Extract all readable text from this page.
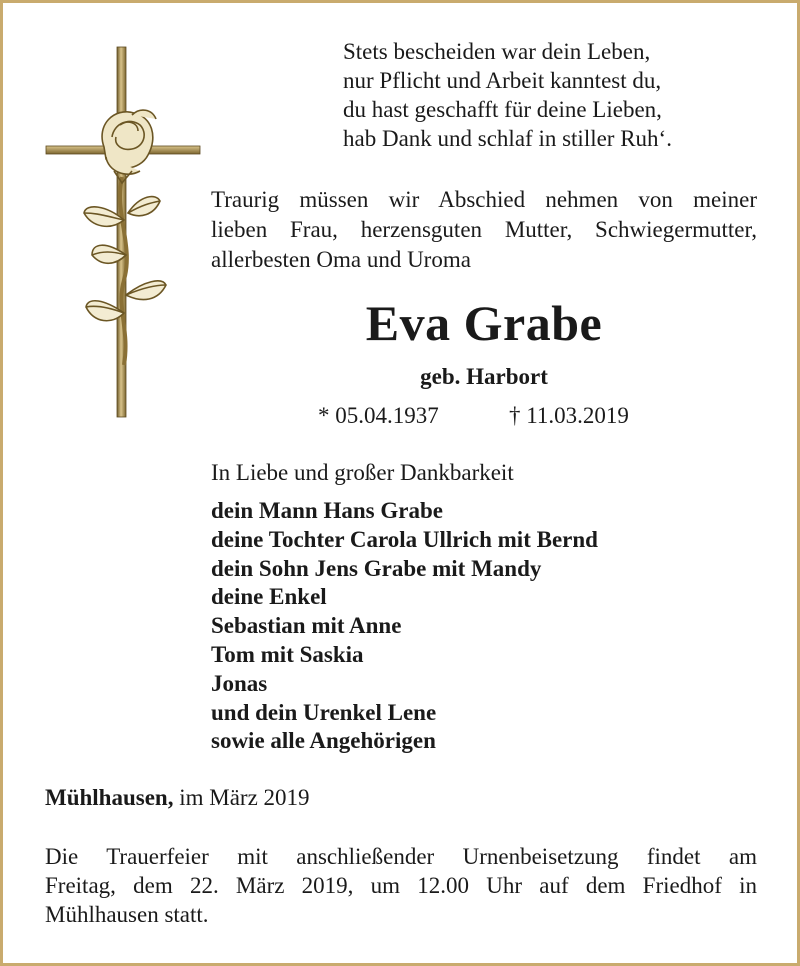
Stets bescheiden war dein Leben,
nur Pflicht und Arbeit kanntest du,
du hast geschafft für deine Lieben,
hab Dank und schlaf in stiller Ruh‘.
Traurig müssen wir Abschied nehmen von meiner
lieben Frau, herzensguten Mutter, Schwiegermutter,
allerbesten Oma und Uroma
Eva Grabe
geb. Harbort
* 05.04.1937	† 11.03.2019
In Liebe und großer Dankbarkeit
dein Mann Hans Grabe
deine Tochter Carola Ullrich mit Bernd
dein Sohn Jens Grabe mit Mandy
deine Enkel
Sebastian mit Anne
Tom mit Saskia
Jonas
und dein Urenkel Lene
sowie alle Angehörigen
Mühlhausen, im März 2019
Die Trauerfeier mit anschließender Urnenbeisetzung findet am
Freitag, dem 22. März 2019, um 12.00 Uhr auf dem Friedhof in
Mühlhausen statt.
